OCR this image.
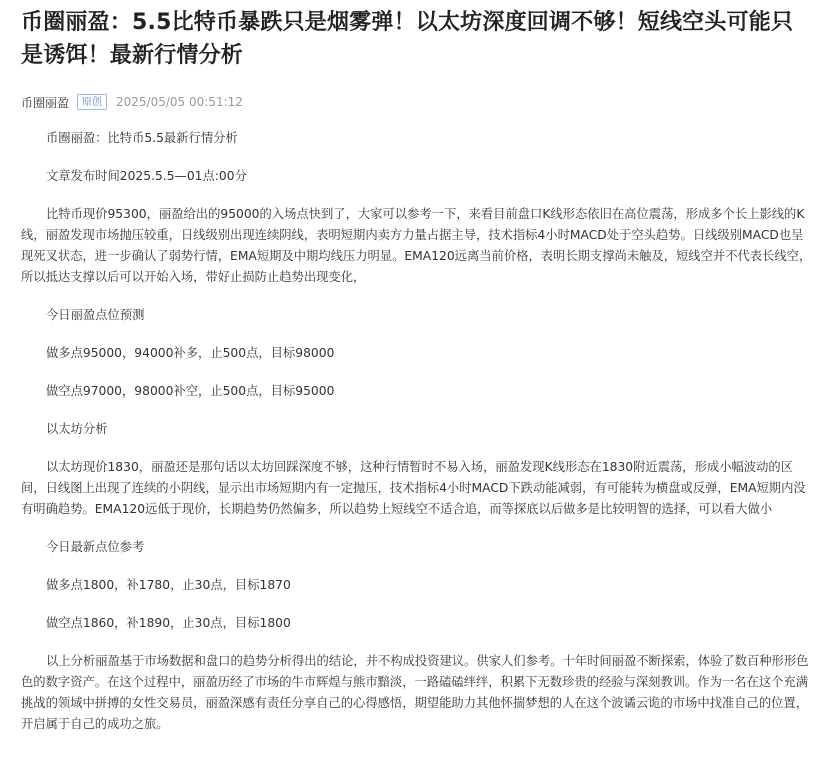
币圈丽盈：5.5比特币暴跌只是烟雾弹！以太坊深度回调不够！短线空头可能只是诱饵！最新行情分析
币圈丽盈	原创	2025/05/05 00:51:12

币圈丽盈：比特币5.5最新行情分析

文章发布时间2025.5.5—01点:00分

比特币现价95300，丽盈给出的95000的入场点快到了，大家可以参考一下，来看目前盘口K线形态依旧在高位震荡，形成多个长上影线的K线，丽盈发现市场抛压较重，日线级别出现连续阴线，表明短期内卖方力量占据主导，技术指标4小时MACD处于空头趋势。日线级别MACD也呈现死叉状态，进一步确认了弱势行情，EMA短期及中期均线压力明显。EMA120远离当前价格，表明长期支撑尚未触及，短线空并不代表长线空，所以抵达支撑以后可以开始入场，带好止损防止趋势出现变化，

今日丽盈点位预测

做多点95000，94000补多，止500点，目标98000

做空点97000，98000补空，止500点，目标95000

以太坊分析

以太坊现价1830，丽盈还是那句话以太坊回踩深度不够，这种行情暂时不易入场，丽盈发现K线形态在1830附近震荡，形成小幅波动的区间，日线图上出现了连续的小阴线，显示出市场短期内有一定抛压，技术指标4小时MACD下跌动能减弱，有可能转为横盘或反弹，EMA短期内没有明确趋势。EMA120远低于现价，长期趋势仍然偏多，所以趋势上短线空不适合追，而等探底以后做多是比较明智的选择，可以看大做小

今日最新点位参考

做多点1800，补1780，止30点，目标1870

做空点1860，补1890，止30点，目标1800

以上分析丽盈基于市场数据和盘口的趋势分析得出的结论，并不构成投资建议。供家人们参考。十年时间丽盈不断探索，体验了数百种形形色色的数字资产。在这个过程中，丽盈历经了市场的牛市辉煌与熊市黯淡，一路磕磕绊绊，积累下无数珍贵的经验与深刻教训。作为一名在这个充满挑战的领域中拼搏的女性交易员，丽盈深感有责任分享自己的心得感悟，期望能助力其他怀揣梦想的人在这个波谲云诡的市场中找准自己的位置，开启属于自己的成功之旅。
